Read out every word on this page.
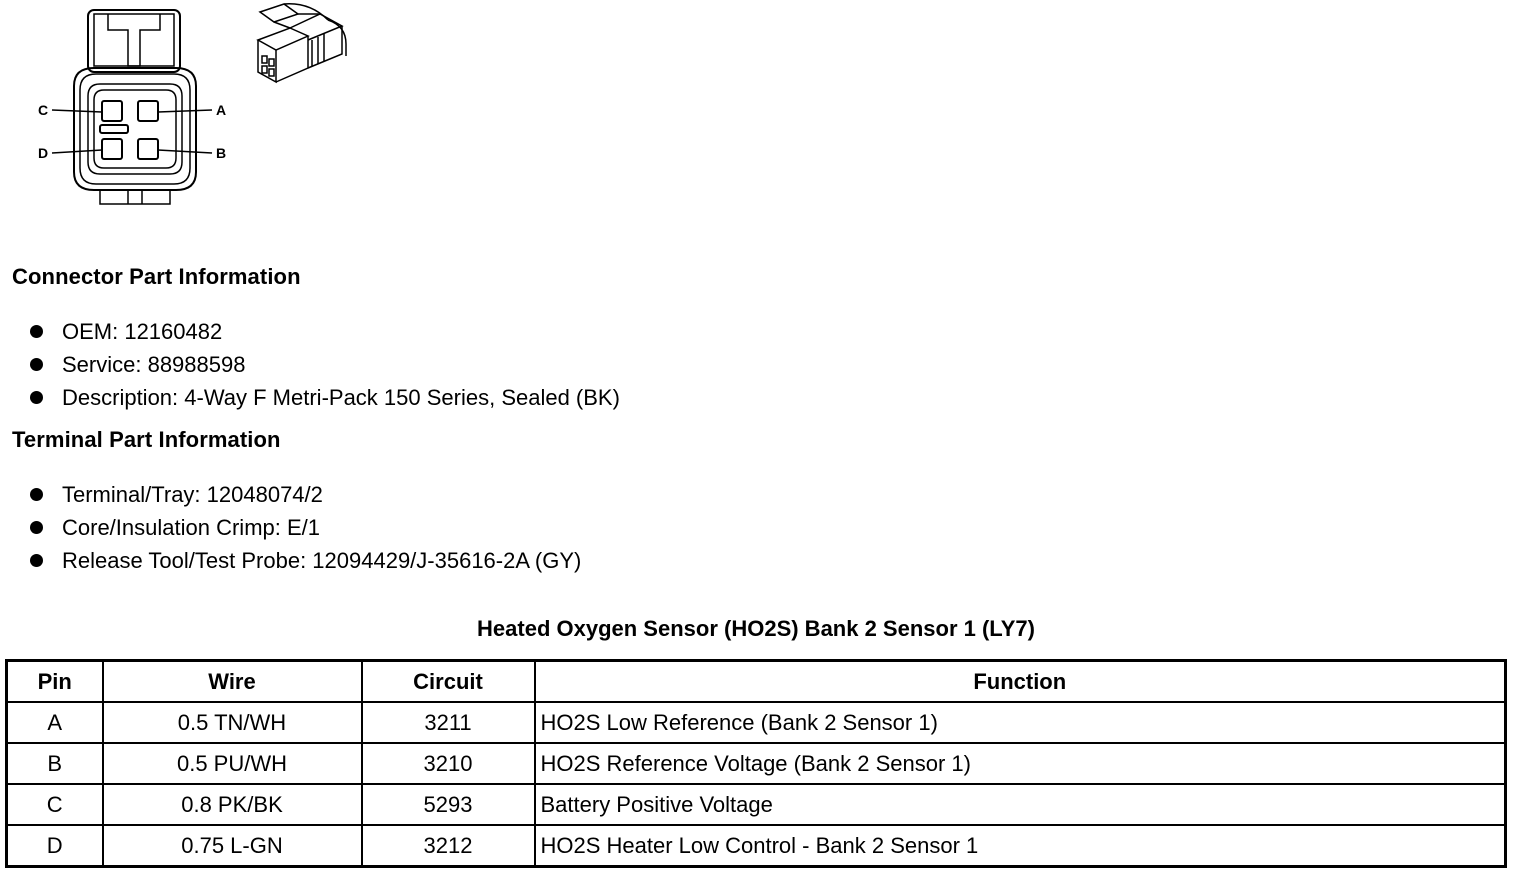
C
D
A
B
Connector Part Information
OEM: 12160482
Service: 88988598
Description: 4-Way F Metri-Pack 150 Series, Sealed (BK)
Terminal Part Information
Terminal/Tray: 12048074/2
Core/Insulation Crimp: E/1
Release Tool/Test Probe: 12094429/J-35616-2A (GY)
Heated Oxygen Sensor (HO2S) Bank 2 Sensor 1 (LY7)
Pin	Wire	Circuit	Function
A	0.5 TN/WH	3211	HO2S Low Reference (Bank 2 Sensor 1)
B	0.5 PU/WH	3210	HO2S Reference Voltage (Bank 2 Sensor 1)
C	0.8 PK/BK	5293	Battery Positive Voltage
D	0.75 L-GN	3212	HO2S Heater Low Control - Bank 2 Sensor 1
